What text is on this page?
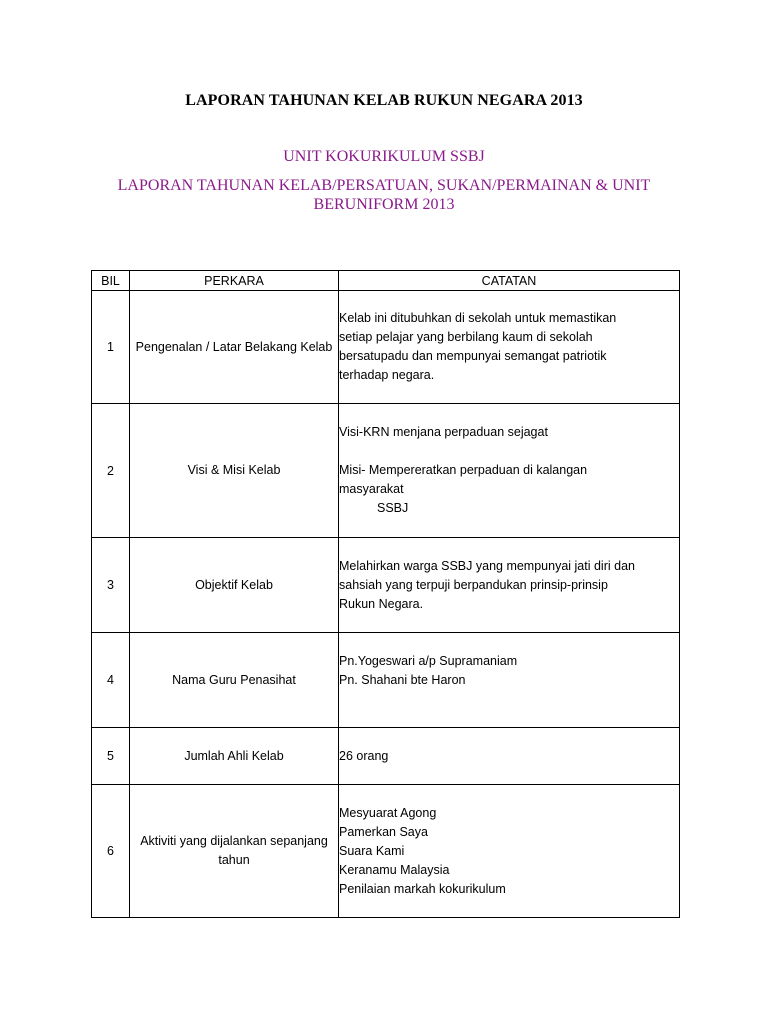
LAPORAN TAHUNAN KELAB RUKUN NEGARA 2013
UNIT KOKURIKULUM SSBJ
LAPORAN TAHUNAN KELAB/PERSATUAN, SUKAN/PERMAINAN & UNIT BERUNIFORM 2013
BIL	PERKARA	CATATAN
1	Pengenalan / Latar Belakang Kelab	Kelab ini ditubuhkan di sekolah untuk memastikan
setiap pelajar yang berbilang kaum di sekolah
bersatupadu dan mempunyai semangat patriotik
terhadap negara.

2	Visi & Misi Kelab	Visi-KRN menjana perpaduan sejagat
Misi- Mempereratkan perpaduan di kalangan
masyarakat
SSBJ

3	Objektif Kelab	Melahirkan warga SSBJ yang mempunyai jati diri dan
sahsiah yang terpuji berpandukan prinsip-prinsip
Rukun Negara.

4	Nama Guru Penasihat	Pn.Yogeswari a/p Supramaniam
Pn. Shahani bte Haron

5	Jumlah Ahli Kelab	26 orang

6	Aktiviti yang dijalankan sepanjang tahun	Mesyuarat Agong
Pamerkan Saya
Suara Kami
Keranamu Malaysia
Penilaian markah kokurikulum
